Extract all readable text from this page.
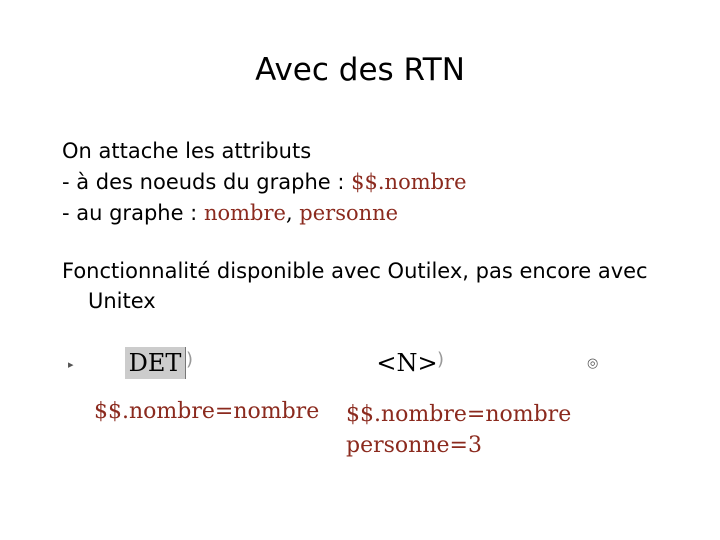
Avec des RTN
On attache les attributs
- à des noeuds du graphe : $$.nombre
- au graphe : nombre, personne
Fonctionnalité disponible avec Outilex, pas encore avec
Unitex
▸ DET )	<N> )	◎
$$.nombre=nombre $$.nombre=nombre
personne=3
